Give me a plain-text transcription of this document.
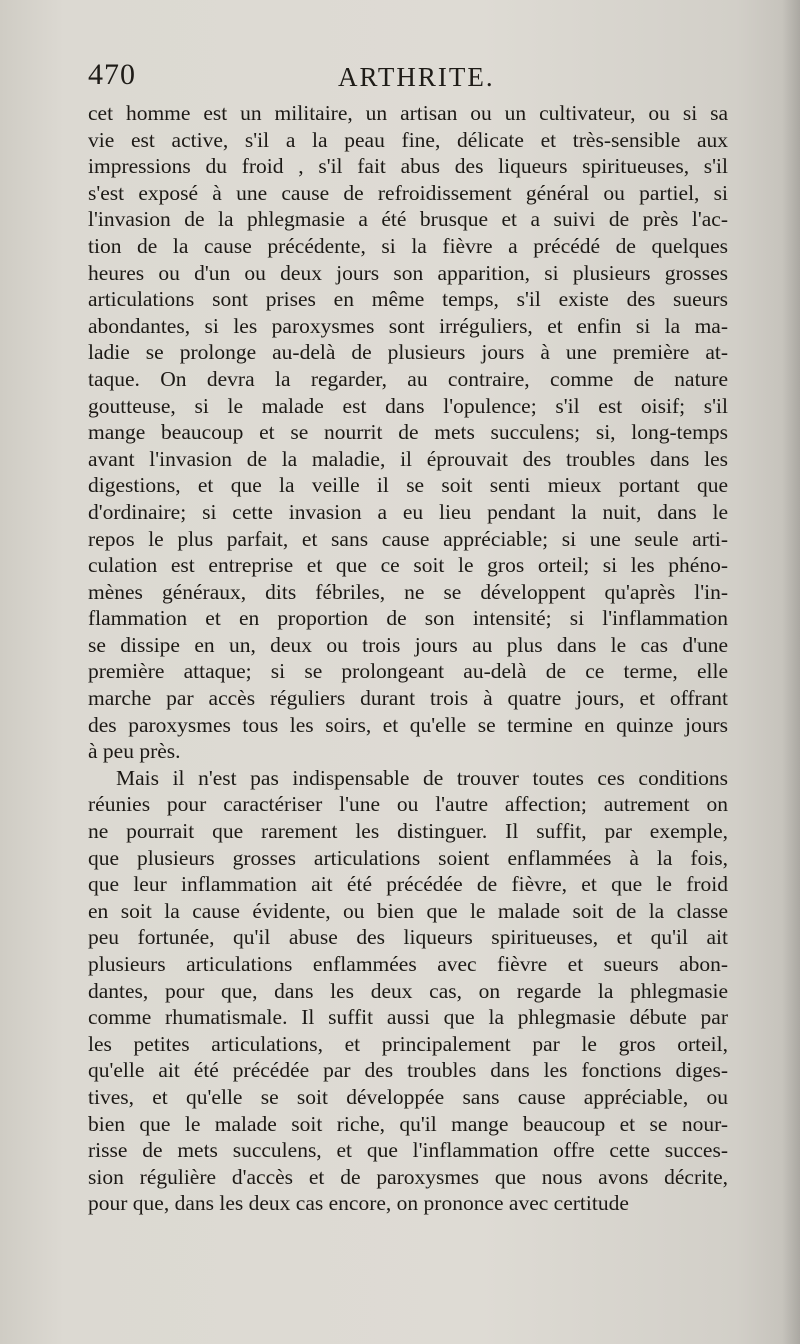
470	ARTHRITE.
cet homme est un militaire, un artisan ou un cultivateur, ou si sa
vie est active, s'il a la peau fine, délicate et très-sensible aux
impressions du froid , s'il fait abus des liqueurs spiritueuses, s'il
s'est exposé à une cause de refroidissement général ou partiel, si
l'invasion de la phlegmasie a été brusque et a suivi de près l'ac-
tion de la cause précédente, si la fièvre a précédé de quelques
heures ou d'un ou deux jours son apparition, si plusieurs grosses
articulations sont prises en même temps, s'il existe des sueurs
abondantes, si les paroxysmes sont irréguliers, et enfin si la ma-
ladie se prolonge au-delà de plusieurs jours à une première at-
taque. On devra la regarder, au contraire, comme de nature
goutteuse, si le malade est dans l'opulence; s'il est oisif; s'il
mange beaucoup et se nourrit de mets succulens; si, long-temps
avant l'invasion de la maladie, il éprouvait des troubles dans les
digestions, et que la veille il se soit senti mieux portant que
d'ordinaire; si cette invasion a eu lieu pendant la nuit, dans le
repos le plus parfait, et sans cause appréciable; si une seule arti-
culation est entreprise et que ce soit le gros orteil; si les phéno-
mènes généraux, dits fébriles, ne se développent qu'après l'in-
flammation et en proportion de son intensité; si l'inflammation
se dissipe en un, deux ou trois jours au plus dans le cas d'une
première attaque; si se prolongeant au-delà de ce terme, elle
marche par accès réguliers durant trois à quatre jours, et offrant
des paroxysmes tous les soirs, et qu'elle se termine en quinze jours
à peu près.
Mais il n'est pas indispensable de trouver toutes ces conditions
réunies pour caractériser l'une ou l'autre affection; autrement on
ne pourrait que rarement les distinguer. Il suffit, par exemple,
que plusieurs grosses articulations soient enflammées à la fois,
que leur inflammation ait été précédée de fièvre, et que le froid
en soit la cause évidente, ou bien que le malade soit de la classe
peu fortunée, qu'il abuse des liqueurs spiritueuses, et qu'il ait
plusieurs articulations enflammées avec fièvre et sueurs abon-
dantes, pour que, dans les deux cas, on regarde la phlegmasie
comme rhumatismale. Il suffit aussi que la phlegmasie débute par
les petites articulations, et principalement par le gros orteil,
qu'elle ait été précédée par des troubles dans les fonctions diges-
tives, et qu'elle se soit développée sans cause appréciable, ou
bien que le malade soit riche, qu'il mange beaucoup et se nour-
risse de mets succulens, et que l'inflammation offre cette succes-
sion régulière d'accès et de paroxysmes que nous avons décrite,
pour que, dans les deux cas encore, on prononce avec certitude
